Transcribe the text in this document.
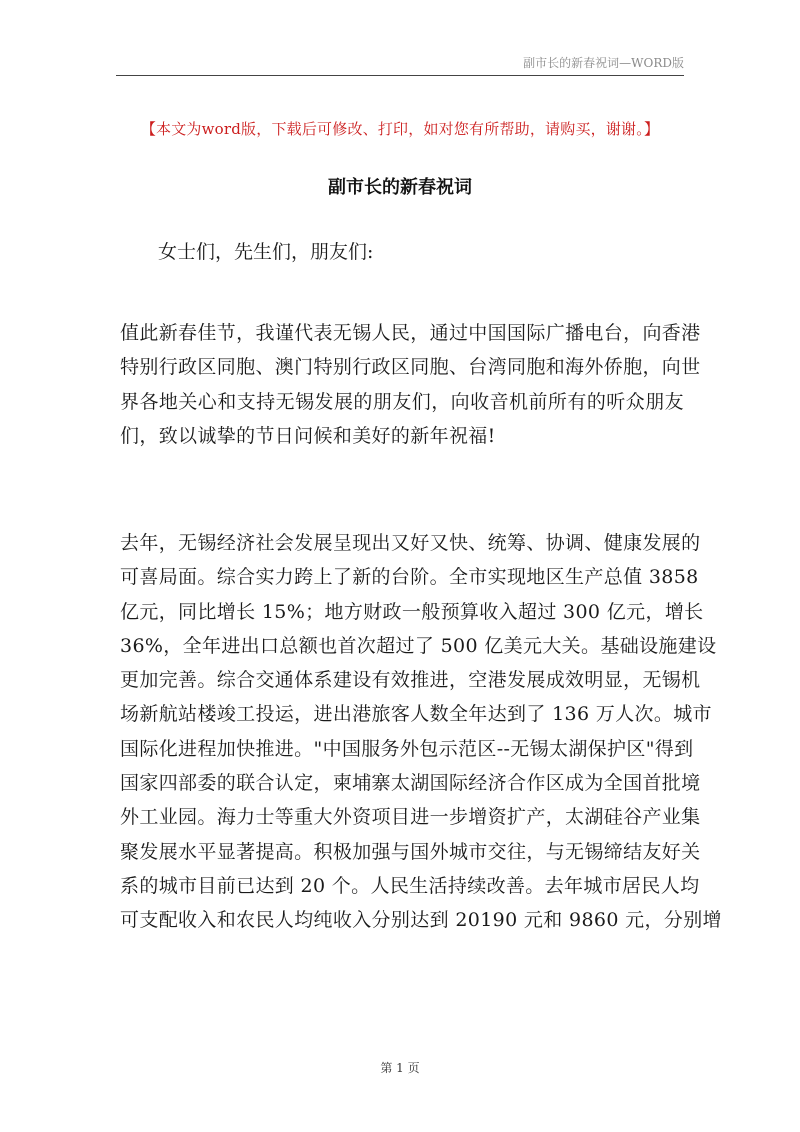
副市长的新春祝词—WORD版
【本文为word版，下载后可修改、打印，如对您有所帮助，请购买，谢谢。】
副市长的新春祝词
女士们，先生们，朋友们:
值此新春佳节，我谨代表无锡人民，通过中国国际广播电台，向香港
特别行政区同胞、澳门特别行政区同胞、台湾同胞和海外侨胞，向世
界各地关心和支持无锡发展的朋友们，向收音机前所有的听众朋友
们，致以诚挚的节日问候和美好的新年祝福!
去年，无锡经济社会发展呈现出又好又快、统筹、协调、健康发展的
可喜局面。综合实力跨上了新的台阶。全市实现地区生产总值 3858
亿元，同比增长 15%；地方财政一般预算收入超过 300 亿元，增长
36%，全年进出口总额也首次超过了 500 亿美元大关。基础设施建设
更加完善。综合交通体系建设有效推进，空港发展成效明显，无锡机
场新航站楼竣工投运，进出港旅客人数全年达到了 136 万人次。城市
国际化进程加快推进。"中国服务外包示范区--无锡太湖保护区"得到
国家四部委的联合认定，柬埔寨太湖国际经济合作区成为全国首批境
外工业园。海力士等重大外资项目进一步增资扩产，太湖硅谷产业集
聚发展水平显著提高。积极加强与国外城市交往，与无锡缔结友好关
系的城市目前已达到 20 个。人民生活持续改善。去年城市居民人均
可支配收入和农民人均纯收入分别达到 20190 元和 9860 元，分别增
第 1 页
